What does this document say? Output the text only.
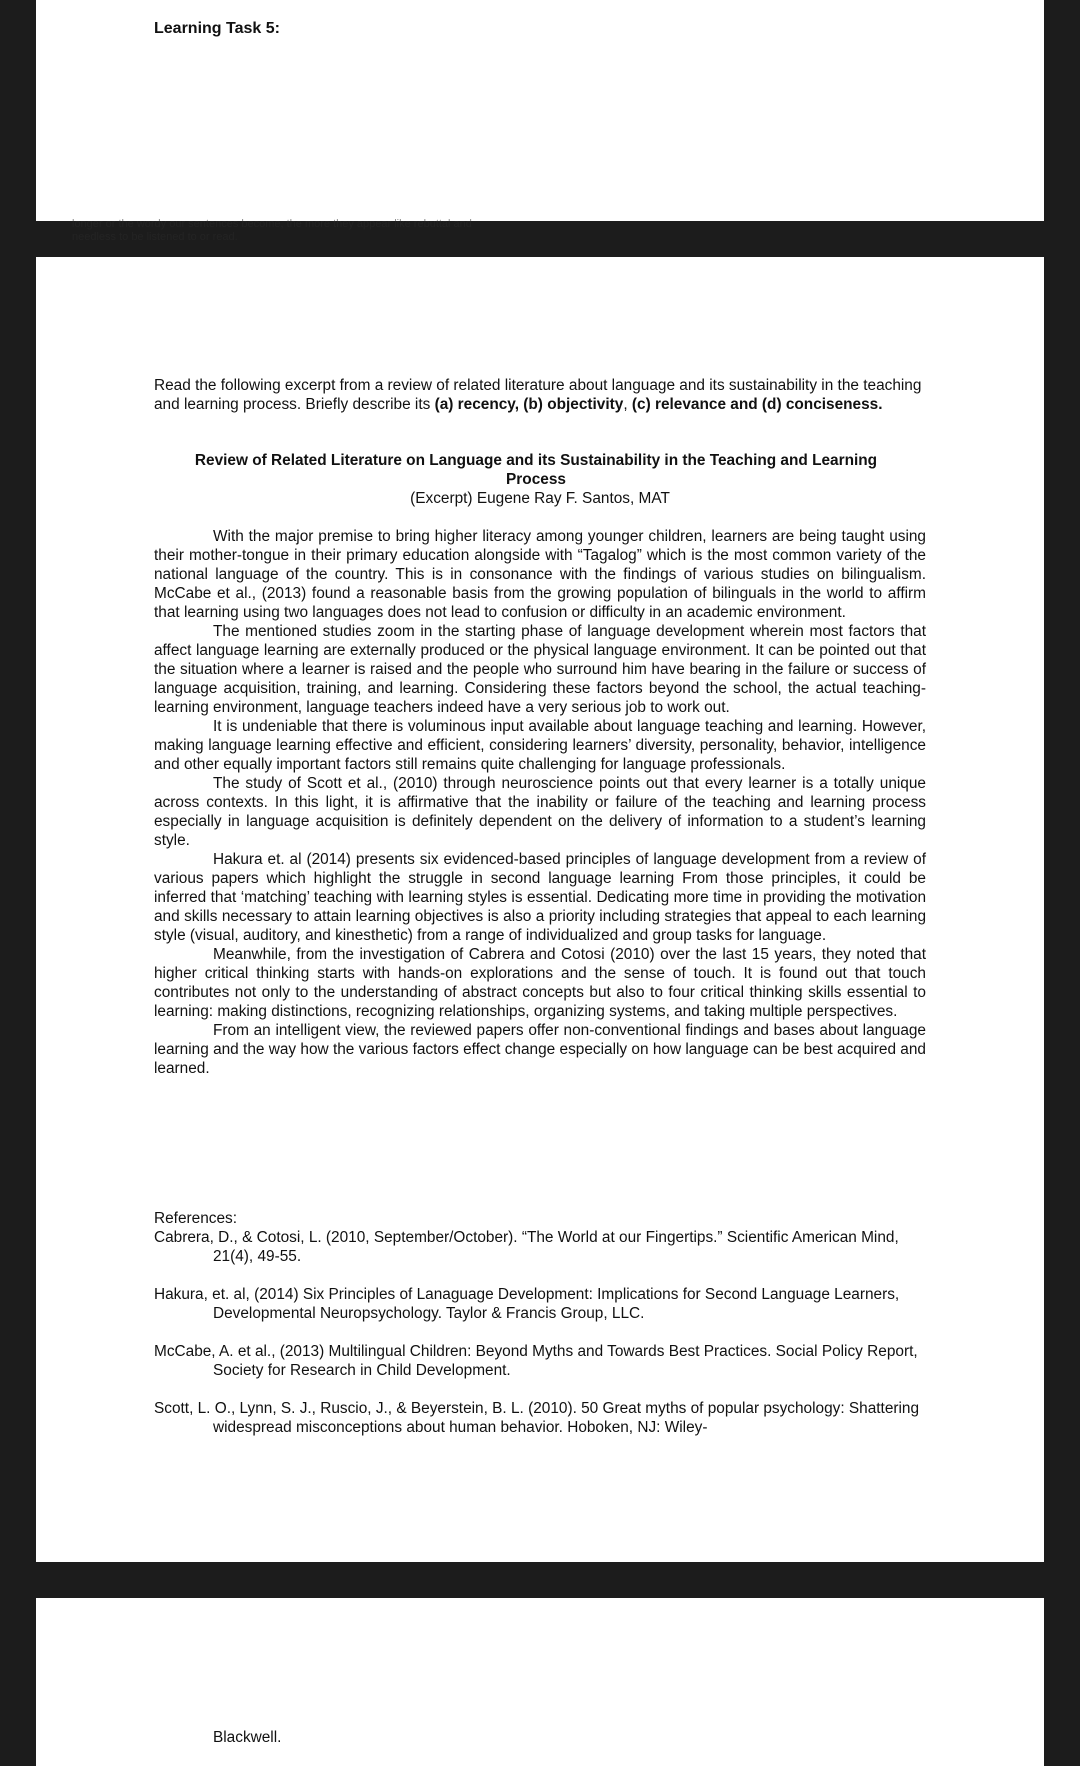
Learning Task 5:
longer or the wordy our sentences become, the more they appear like rebuttal and needless to be listened to or read.
Read the following excerpt from a review of related literature about language and its sustainability in the teaching and learning process. Briefly describe its (a) recency, (b) objectivity, (c) relevance and (d) conciseness.
Review of Related Literature on Language and its Sustainability in the Teaching and Learning Process
(Excerpt) Eugene Ray F. Santos, MAT

With the major premise to bring higher literacy among younger children, learners are being taught using their mother-tongue in their primary education alongside with “Tagalog” which is the most common variety of the national language of the country. This is in consonance with the findings of various studies on bilingualism. McCabe et al., (2013) found a reasonable basis from the growing population of bilinguals in the world to affirm that learning using two languages does not lead to confusion or difficulty in an academic environment.

The mentioned studies zoom in the starting phase of language development wherein most factors that affect language learning are externally produced or the physical language environment. It can be pointed out that the situation where a learner is raised and the people who surround him have bearing in the failure or success of language acquisition, training, and learning. Considering these factors beyond the school, the actual teaching-learning environment, language teachers indeed have a very serious job to work out.

It is undeniable that there is voluminous input available about language teaching and learning. However, making language learning effective and efficient, considering learners’ diversity, personality, behavior, intelligence and other equally important factors still remains quite challenging for language professionals.

The study of Scott et al., (2010) through neuroscience points out that every learner is a totally unique across contexts. In this light, it is affirmative that the inability or failure of the teaching and learning process especially in language acquisition is definitely dependent on the delivery of information to a student’s learning style.

Hakura et. al (2014) presents six evidenced-based principles of language development from a review of various papers which highlight the struggle in second language learning From those principles, it could be inferred that ‘matching’ teaching with learning styles is essential. Dedicating more time in providing the motivation and skills necessary to attain learning objectives is also a priority including strategies that appeal to each learning style (visual, auditory, and kinesthetic) from a range of individualized and group tasks for language.

Meanwhile, from the investigation of Cabrera and Cotosi (2010) over the last 15 years, they noted that higher critical thinking starts with hands-on explorations and the sense of touch. It is found out that touch contributes not only to the understanding of abstract concepts but also to four critical thinking skills essential to learning: making distinctions, recognizing relationships, organizing systems, and taking multiple perspectives.

From an intelligent view, the reviewed papers offer non-conventional findings and bases about language learning and the way how the various factors effect change especially on how language can be best acquired and learned.

References:

Cabrera, D., & Cotosi, L. (2010, September/October). “The World at our Fingertips.” Scientific American Mind, 21(4), 49-55.

Hakura, et. al, (2014) Six Principles of Lanaguage Development: Implications for Second Language Learners, Developmental Neuropsychology. Taylor & Francis Group, LLC.

McCabe, A. et al., (2013) Multilingual Children: Beyond Myths and Towards Best Practices. Social Policy Report, Society for Research in Child Development.

Scott, L. O., Lynn, S. J., Ruscio, J., & Beyerstein, B. L. (2010). 50 Great myths of popular psychology: Shattering widespread misconceptions about human behavior. Hoboken, NJ: Wiley-

Blackwell.
